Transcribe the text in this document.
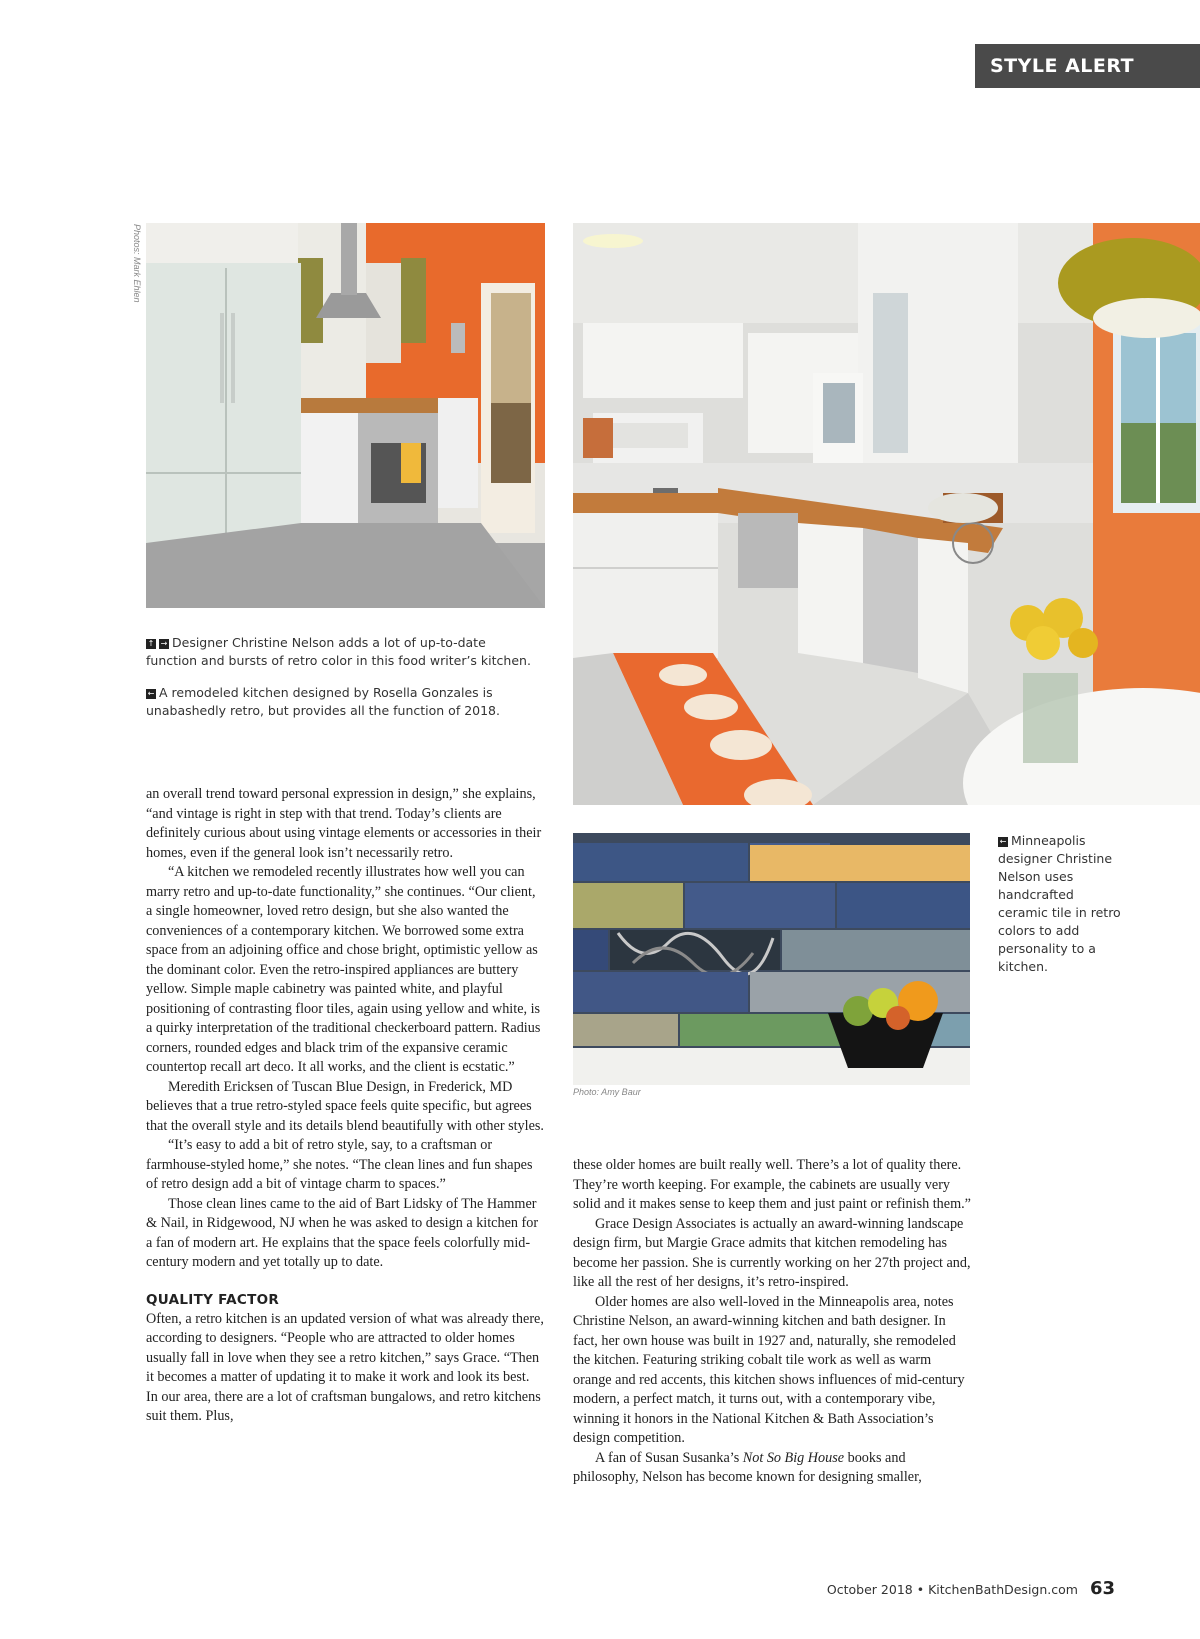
STYLE ALERT
Photos: Mark Ehlen
↑ → Designer Christine Nelson adds a lot of up-to-date function and bursts of retro color in this food writer’s kitchen.
← A remodeled kitchen designed by Rosella Gonzales is unabashedly retro, but provides all the function of 2018.
Photo: Amy Baur
← Minneapolis designer Christine Nelson uses handcrafted ceramic tile in retro colors to add personality to a kitchen.

an overall trend toward personal expression in design,” she explains, “and vintage is right in step with that trend. Today’s clients are definitely curious about using vintage elements or accessories in their homes, even if the general look isn’t necessarily retro.

“A kitchen we remodeled recently illustrates how well you can marry retro and up-to-date functionality,” she continues. “Our client, a single homeowner, loved retro design, but she also wanted the conveniences of a contemporary kitchen. We borrowed some extra space from an adjoining office and chose bright, optimistic yellow as the dominant color. Even the retro-inspired appliances are buttery yellow. Simple maple cabinetry was painted white, and playful positioning of contrasting floor tiles, again using yellow and white, is a quirky interpretation of the traditional checkerboard pattern. Radius corners, rounded edges and black trim of the expansive ceramic countertop recall art deco. It all works, and the client is ecstatic.”

Meredith Ericksen of Tuscan Blue Design, in Frederick, MD believes that a true retro-styled space feels quite specific, but agrees that the overall style and its details blend beautifully with other styles.

“It’s easy to add a bit of retro style, say, to a craftsman or farmhouse-styled home,” she notes. “The clean lines and fun shapes of retro design add a bit of vintage charm to spaces.”

Those clean lines came to the aid of Bart Lidsky of The Hammer & Nail, in Ridgewood, NJ when he was asked to design a kitchen for a fan of modern art. He explains that the space feels colorfully mid-century modern and yet totally up to date.

QUALITY FACTOR

Often, a retro kitchen is an updated version of what was already there, according to designers. “People who are attracted to older homes usually fall in love when they see a retro kitchen,” says Grace. “Then it becomes a matter of updating it to make it work and look its best. In our area, there are a lot of craftsman bungalows, and retro kitchens suit them. Plus,

these older homes are built really well. There’s a lot of quality there. They’re worth keeping. For example, the cabinets are usually very solid and it makes sense to keep them and just paint or refinish them.”

Grace Design Associates is actually an award-winning landscape design firm, but Margie Grace admits that kitchen remodeling has become her passion. She is currently working on her 27th project and, like all the rest of her designs, it’s retro-inspired.

Older homes are also well-loved in the Minneapolis area, notes Christine Nelson, an award-winning kitchen and bath designer. In fact, her own house was built in 1927 and, naturally, she remodeled the kitchen. Featuring striking cobalt tile work as well as warm orange and red accents, this kitchen shows influences of mid-century modern, a perfect match, it turns out, with a contemporary vibe, winning it honors in the National Kitchen & Bath Association’s design competition.

A fan of Susan Susanka’s Not So Big House books and philosophy, Nelson has become known for designing smaller,

October 2018 • KitchenBathDesign.com 63
